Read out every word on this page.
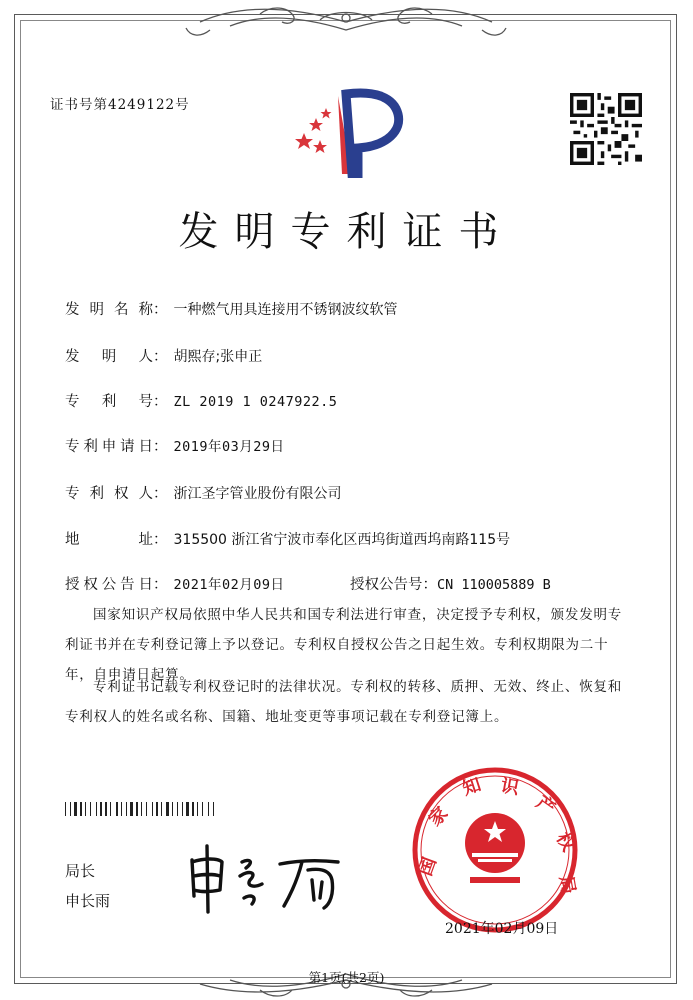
证书号第4249122号
发明专利证书
发明名称： 一种燃气用具连接用不锈钢波纹软管
发明人： 胡熙存;张申正
专利号： ZL 2019 1 0247922.5
专利申请日： 2019年03月29日
专利权人： 浙江圣字管业股份有限公司
地址： 315500 浙江省宁波市奉化区西坞街道西坞南路115号
授权公告日： 2021年02月09日	授权公告号：CN 110005889 B
国家知识产权局依照中华人民共和国专利法进行审查，决定授予专利权，颁发发明专利证书并在专利登记簿上予以登记。专利权自授权公告之日起生效。专利权期限为二十年，自申请日起算。
专利证书记载专利权登记时的法律状况。专利权的转移、质押、无效、终止、恢复和专利权人的姓名或名称、国籍、地址变更等事项记载在专利登记簿上。
局长
申长雨
国
家
知 识
产
权
局
2021年02月09日
第1页(共2页)
